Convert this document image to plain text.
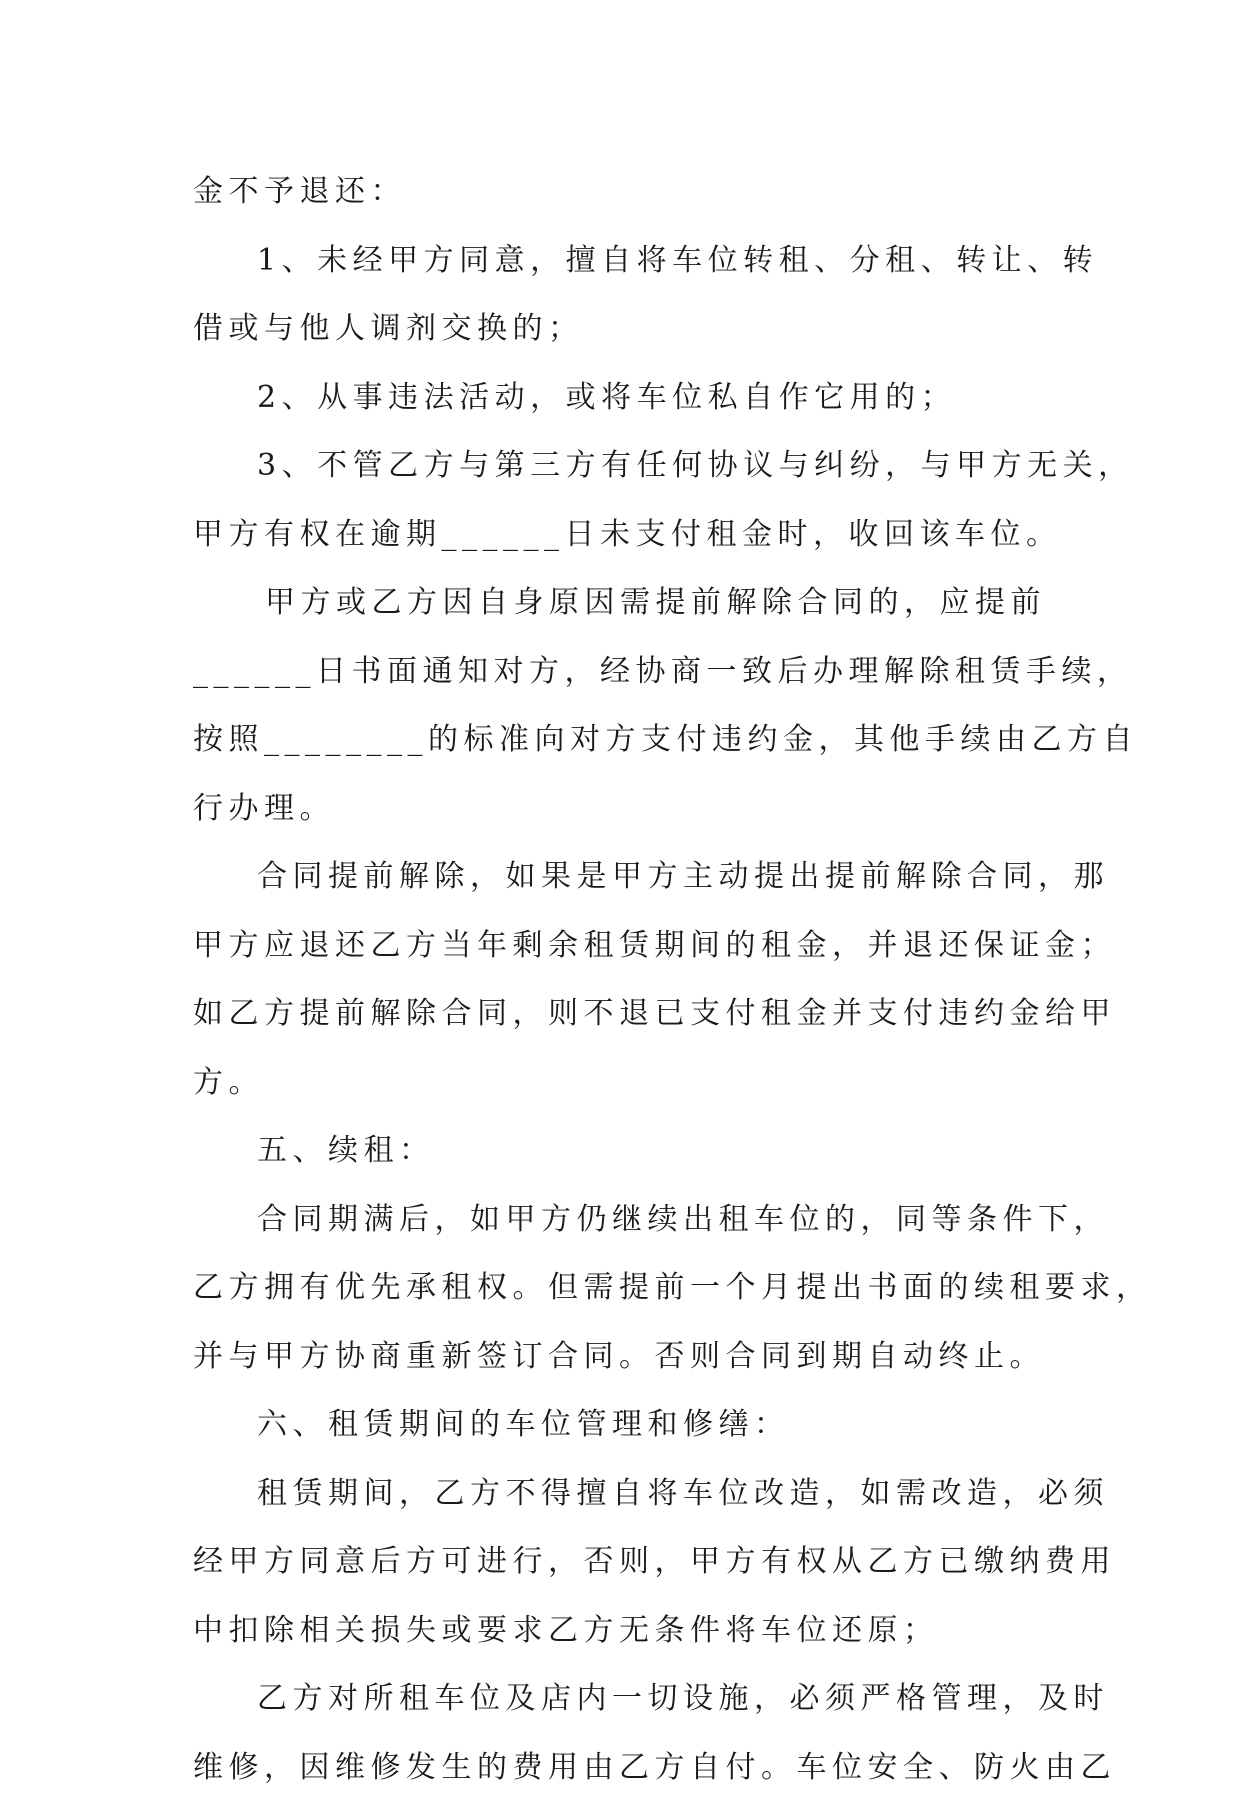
金不予退还：
1、未经甲方同意，擅自将车位转租、分租、转让、转
借或与他人调剂交换的；
2、从事违法活动，或将车位私自作它用的；
3、不管乙方与第三方有任何协议与纠纷，与甲方无关，
甲方有权在逾期______日未支付租金时，收回该车位。
甲方或乙方因自身原因需提前解除合同的，应提前
______日书面通知对方，经协商一致后办理解除租赁手续，
按照________的标准向对方支付违约金，其他手续由乙方自
行办理。
合同提前解除，如果是甲方主动提出提前解除合同，那
甲方应退还乙方当年剩余租赁期间的租金，并退还保证金；
如乙方提前解除合同，则不退已支付租金并支付违约金给甲
方。
五、续租：
合同期满后，如甲方仍继续出租车位的，同等条件下，
乙方拥有优先承租权。但需提前一个月提出书面的续租要求，
并与甲方协商重新签订合同。否则合同到期自动终止。
六、租赁期间的车位管理和修缮：
租赁期间，乙方不得擅自将车位改造，如需改造，必须
经甲方同意后方可进行，否则，甲方有权从乙方已缴纳费用
中扣除相关损失或要求乙方无条件将车位还原；
乙方对所租车位及店内一切设施，必须严格管理，及时
维修，因维修发生的费用由乙方自付。车位安全、防火由乙
